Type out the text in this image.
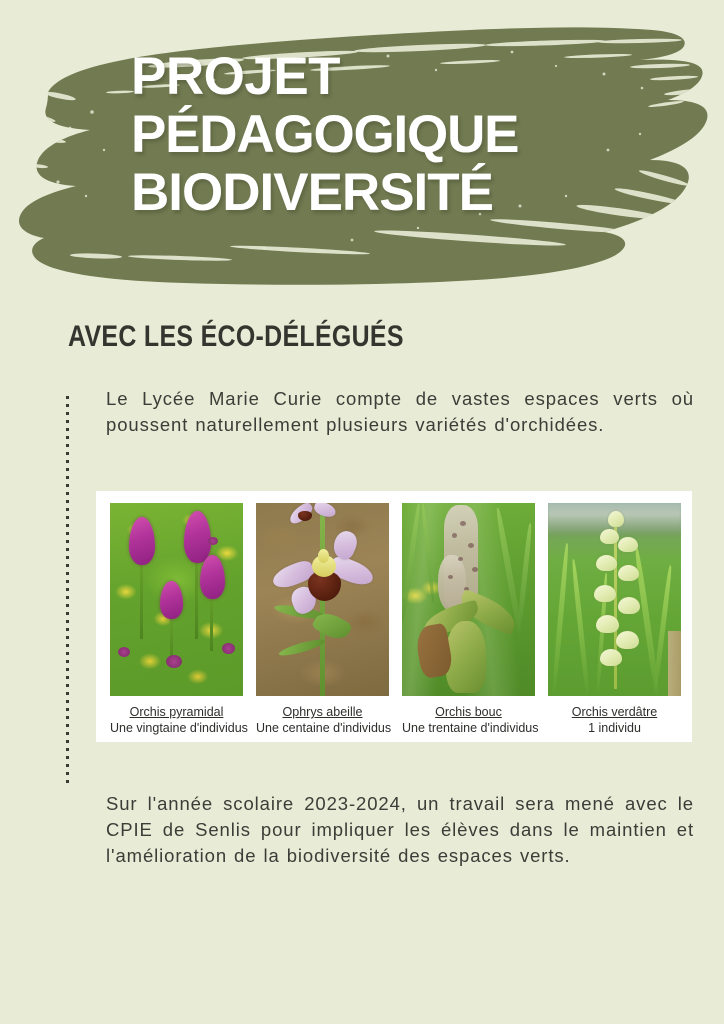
PROJET
PÉDAGOGIQUE
BIODIVERSITÉ
AVEC LES ÉCO-DÉLÉGUÉS
Le Lycée Marie Curie compte de vastes espaces verts où poussent naturellement plusieurs variétés d'orchidées.
Orchis pyramidal
Une vingtaine d'individus
Ophrys abeille
Une centaine d'individus
Orchis bouc
Une trentaine d'individus
Orchis verdâtre
1 individu
Sur l'année scolaire 2023-2024, un travail sera mené avec le CPIE de Senlis pour impliquer les élèves dans le maintien et l'amélioration de la biodiversité des espaces verts.
